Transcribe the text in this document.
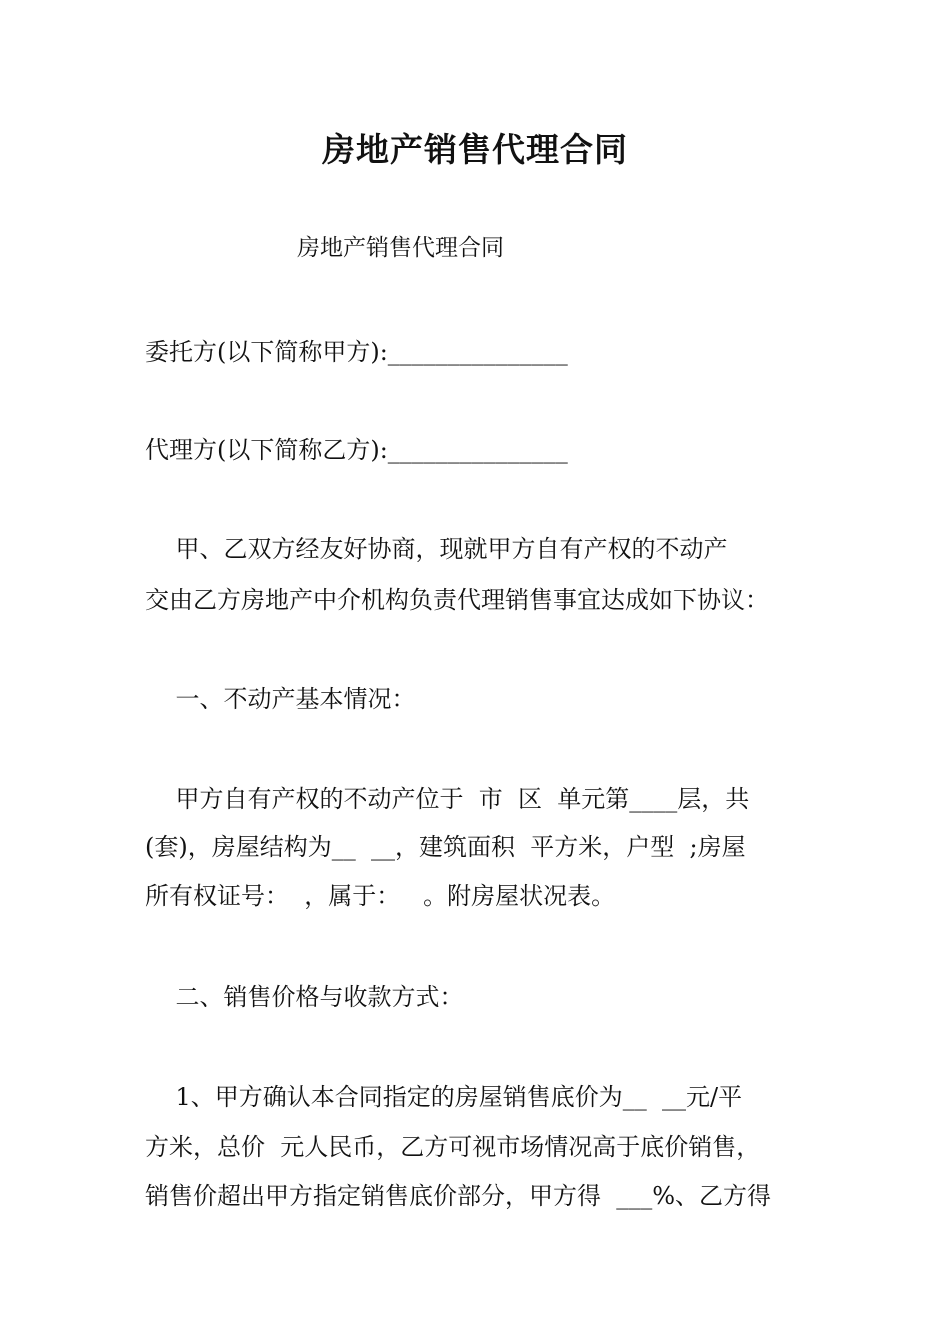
房地产销售代理合同

房地产销售代理合同

委托方(以下简称甲方):_______________

代理方(以下简称乙方):_______________

甲、乙双方经友好协商，现就甲方自有产权的不动产

交由乙方房地产中介机构负责代理销售事宜达成如下协议：

一、不动产基本情况：

甲方自有产权的不动产位于  市  区  单元第____层，共

(套)，房屋结构为__  __，建筑面积  平方米，户型  ;房屋

所有权证号：  ，属于：   。附房屋状况表。

二、销售价格与收款方式：

1、甲方确认本合同指定的房屋销售底价为__  __元/平

方米，总价  元人民币，乙方可视市场情况高于底价销售，

销售价超出甲方指定销售底价部分，甲方得  ___%、乙方得
